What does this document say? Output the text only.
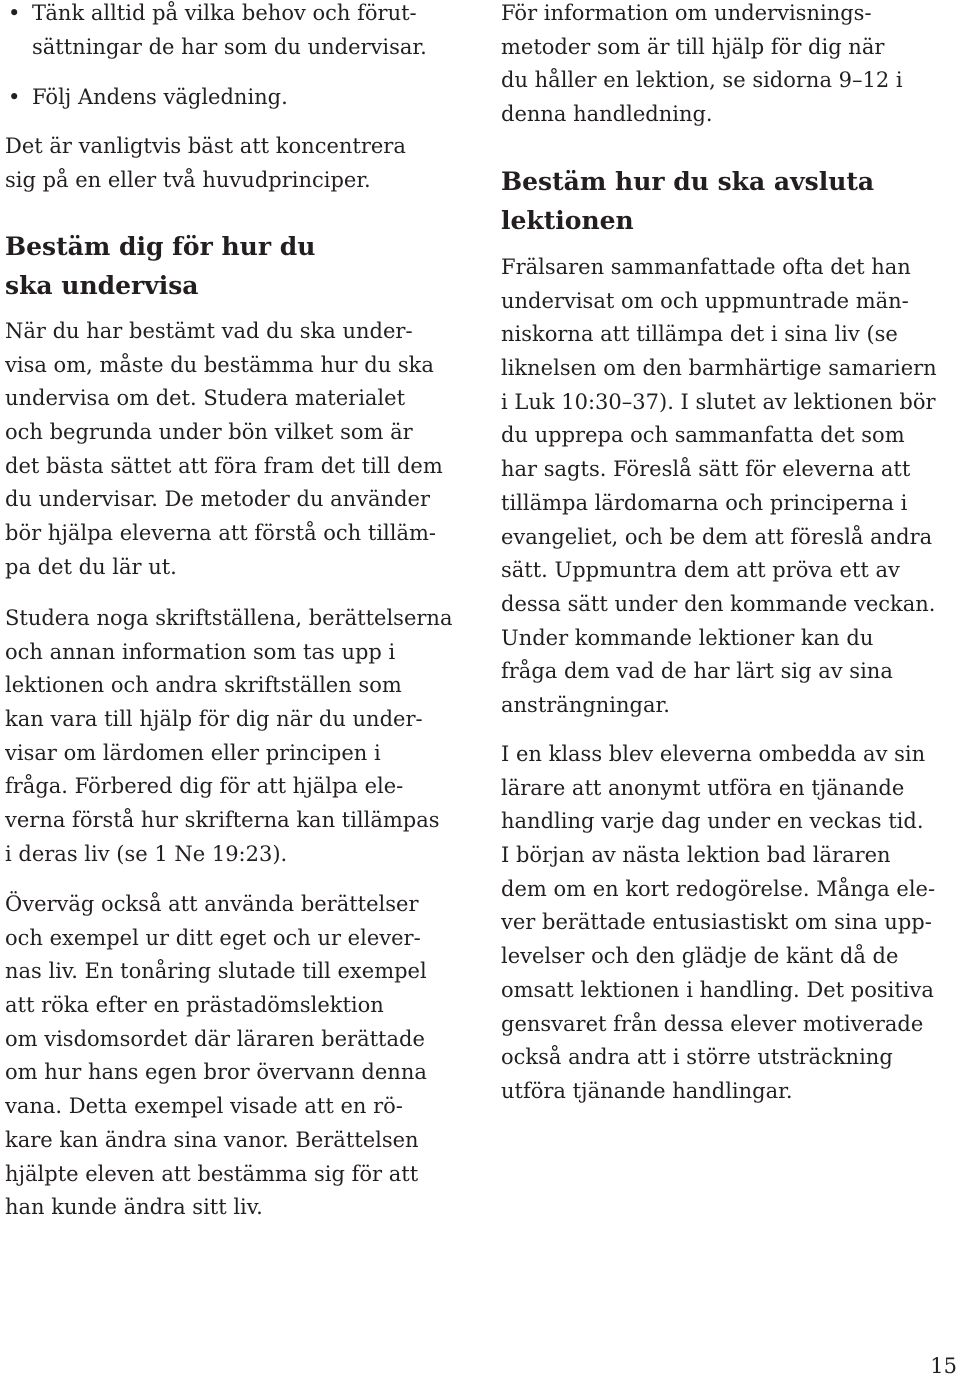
• Tänk alltid på vilka behov och förut-
sättningar de har som du undervisar.
• Följ Andens vägledning.
Det är vanligtvis bäst att koncentrera
sig på en eller två huvudprinciper.
Bestäm dig för hur du
ska undervisa
När du har bestämt vad du ska under-
visa om, måste du bestämma hur du ska
undervisa om det. Studera materialet
och begrunda under bön vilket som är
det bästa sättet att föra fram det till dem
du undervisar. De metoder du använder
bör hjälpa eleverna att förstå och tilläm-
pa det du lär ut.
Studera noga skriftställena, berättelserna
och annan information som tas upp i
lektionen och andra skriftställen som
kan vara till hjälp för dig när du under-
visar om lärdomen eller principen i
fråga. Förbered dig för att hjälpa ele-
verna förstå hur skrifterna kan tillämpas
i deras liv (se 1 Ne 19:23).
Överväg också att använda berättelser
och exempel ur ditt eget och ur elever-
nas liv. En tonåring slutade till exempel
att röka efter en prästadömslektion
om visdomsordet där läraren berättade
om hur hans egen bror övervann denna
vana. Detta exempel visade att en rö-
kare kan ändra sina vanor. Berättelsen
hjälpte eleven att bestämma sig för att
han kunde ändra sitt liv.
För information om undervisnings-
metoder som är till hjälp för dig när
du håller en lektion, se sidorna 9–12 i
denna handledning.
Bestäm hur du ska avsluta
lektionen
Frälsaren sammanfattade ofta det han
undervisat om och uppmuntrade män-
niskorna att tillämpa det i sina liv (se
liknelsen om den barmhärtige samariern
i Luk 10:30–37). I slutet av lektionen bör
du upprepa och sammanfatta det som
har sagts. Föreslå sätt för eleverna att
tillämpa lärdomarna och principerna i
evangeliet, och be dem att föreslå andra
sätt. Uppmuntra dem att pröva ett av
dessa sätt under den kommande veckan.
Under kommande lektioner kan du
fråga dem vad de har lärt sig av sina
ansträngningar.
I en klass blev eleverna ombedda av sin
lärare att anonymt utföra en tjänande
handling varje dag under en veckas tid.
I början av nästa lektion bad läraren
dem om en kort redogörelse. Många ele-
ver berättade entusiastiskt om sina upp-
levelser och den glädje de känt då de
omsatt lektionen i handling. Det positiva
gensvaret från dessa elever motiverade
också andra att i större utsträckning
utföra tjänande handlingar.
15
